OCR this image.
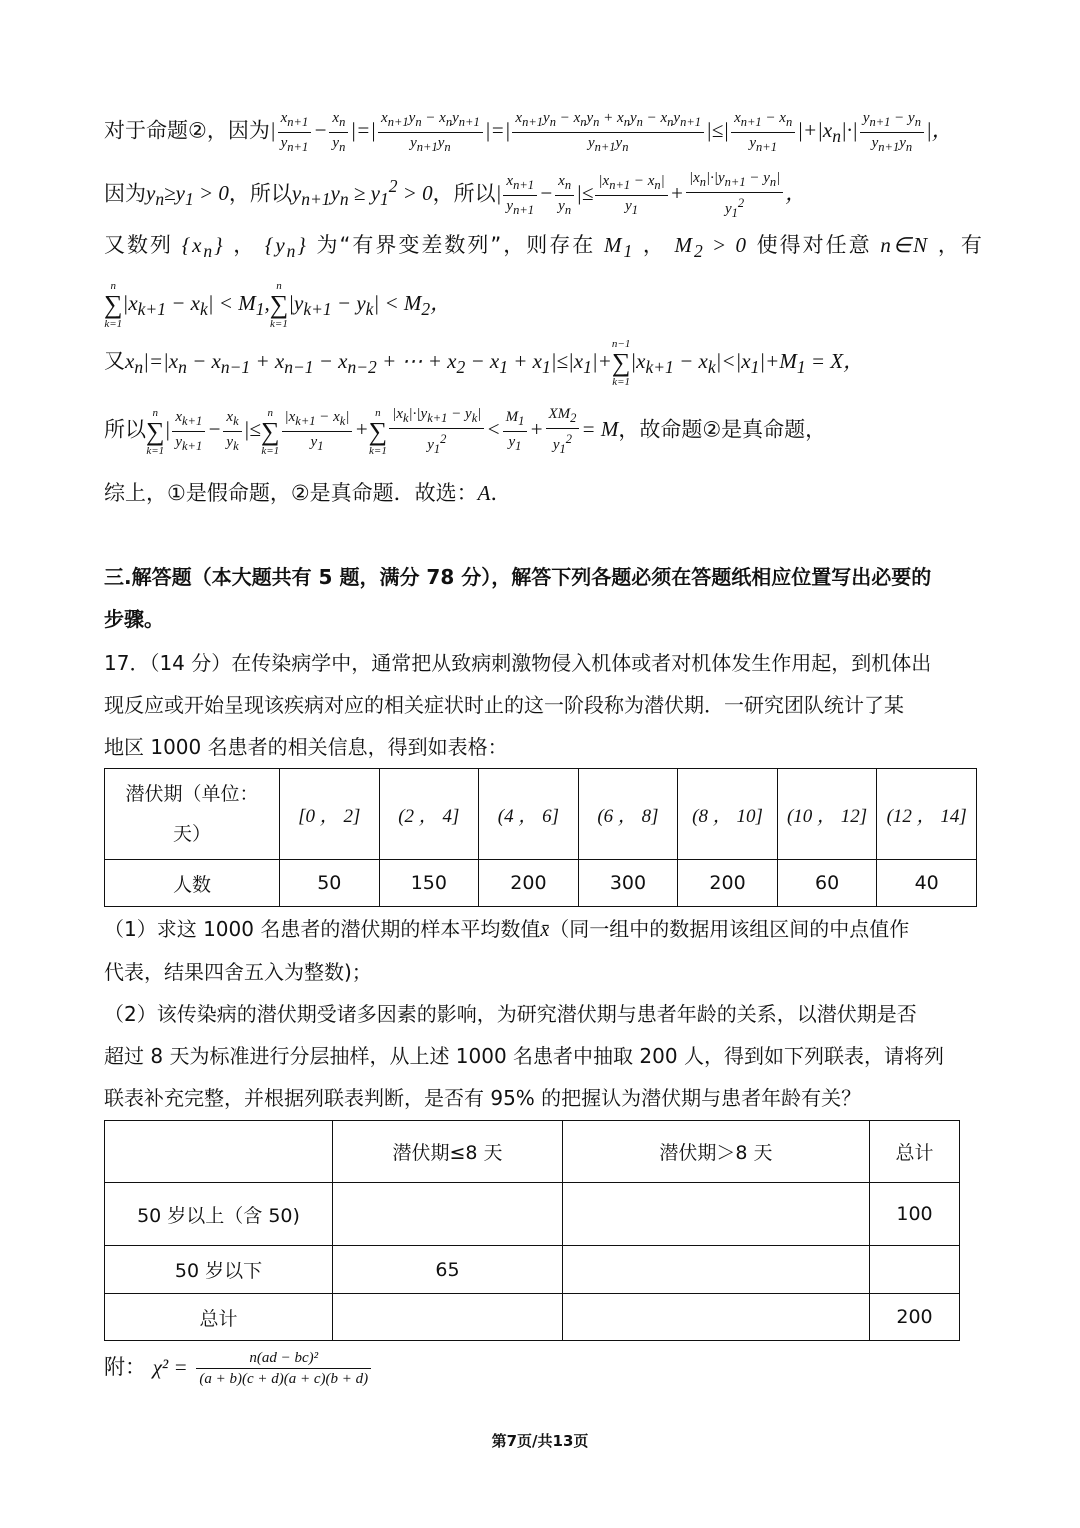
对于命题②，因为| $\frac{x_{n+1}}{y_{n+1}} - \frac{x_n}{y_n}$ |=| $\frac{x_{n+1}y_n - x_ny_{n+1}}{y_{n+1}y_n}$ |=| $\frac{x_{n+1}y_n - x_ny_n + x_ny_n - x_ny_{n+1}}{y_{n+1}y_n}$ |≤| $\frac{x_{n+1} - x_n}{y_{n+1}} |+|x_n|\cdot| \frac{y_{n+1} - y_n}{y_{n+1}y_n}$ |，
因为$y_n\ge y_1 > 0$，所以$y_{n+1}y_n \ge y_1^2 > 0$，所以| $\frac{x_{n+1}}{y_{n+1}} - \frac{x_n}{y_n}$ |≤ $\frac{|x_{n+1} - x_n|}{y_1} + \frac{|x_n|\cdot|y_{n+1} - y_n|}{y_1^2}$ ，
又数列 $\{x_n\}$ ， $\{y_n\}$ 为“有界变差数列”，则存在 $M_1$ ， $M_2 > 0$ 使得对任意 n∈N ，有
n
∑
k=1
$|x_{k+1} - x_k| < M_1$,
n
∑
k=1
$|y_{k+1} - y_k| < M_2$，
又$x_n|=|x_n - x_{n-1} + x_{n-1} - x_{n-2}$ + ⋯ + $x_2 - x_1 + x_1|\le|x_1|+$
n−1
∑
k=1
$|x_{k+1} - x_k|<|x_1|+M_1 = X$，
所以
n
∑
k=1
| $\frac{x_{k+1}}{y_{k+1}} - \frac{x_k}{y_k}$ |≤
n
∑
$k=1 \frac{|x_{k+1} - x_k|}{y_1}$ +
n
∑
$k=1 \frac{|x_k|\cdot|y_{k+1} - y_k|}{y_1^2} < \frac{M_1}{y_1} + \frac{XM_2}{y_1^2} = M$，故命题②是真命题，
综上，①是假命题，②是真命题．故选：A．
三.解答题（本大题共有 5 题，满分 78 分），解答下列各题必须在答题纸相应位置写出必要的
步骤。
17．（14 分）在传染病学中，通常把从致病刺激物侵入机体或者对机体发生作用起，到机体出
现反应或开始呈现该疾病对应的相关症状时止的这一阶段称为潜伏期．一研究团队统计了某
地区 1000 名患者的相关信息，得到如表格：
潜伏期（单位：
天）	[0 ， 2]	(2 ， 4]	(4 ， 6]	(6 ， 8]	(8 ， 10]	(10 ， 12]	(12 ， 14]
人数	50	150	200	300	200	60	40
（1）求这 1000 名患者的潜伏期的样本平均数值x̄（同一组中的数据用该组区间的中点值作
代表，结果四舍五入为整数)；
（2）该传染病的潜伏期受诸多因素的影响，为研究潜伏期与患者年龄的关系，以潜伏期是否
超过 8 天为标准进行分层抽样，从上述 1000 名患者中抽取 200 人，得到如下列联表，请将列
联表补充完整，并根据列联表判断，是否有 95% 的把握认为潜伏期与患者年龄有关？
	潜伏期≤8 天	潜伏期＞8 天	总计
50 岁以上（含 50)			100
50 岁以下	65		
总计			200
附： $\chi^2 = \frac{\text{n(ad − bc)²}}{(a + b)(c + d)(a + c)(b + d)}$
第7页/共13页
